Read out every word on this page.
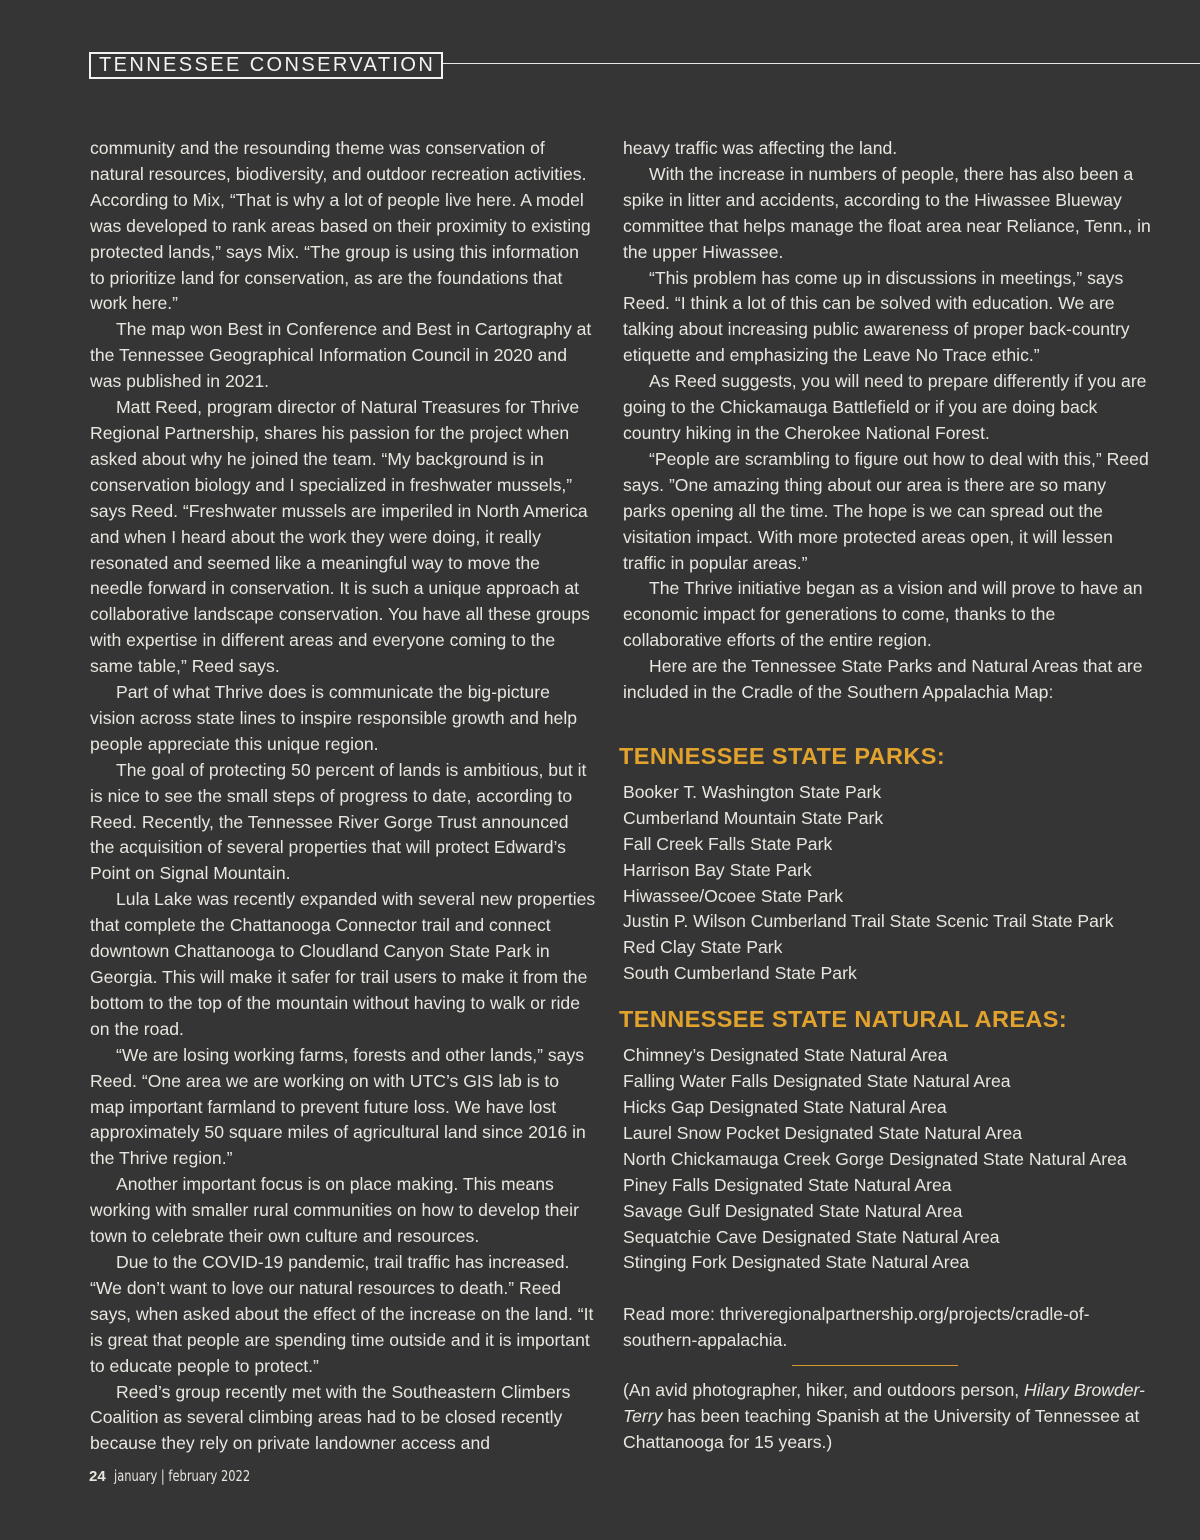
TENNESSEE CONSERVATION

community and the resounding theme was conservation of natural resources, biodiversity, and outdoor recreation activities. According to Mix, “That is why a lot of people live here. A model was developed to rank areas based on their proximity to existing protected lands,” says Mix. “The group is using this information to prioritize land for conservation, as are the foundations that work here.”

The map won Best in Conference and Best in Cartography at the Tennessee Geographical Information Council in 2020 and was published in 2021.

Matt Reed, program director of Natural Treasures for Thrive Regional Partnership, shares his passion for the project when asked about why he joined the team. “My background is in conservation biology and I specialized in freshwater mussels,” says Reed. “Freshwater mussels are imperiled in North America and when I heard about the work they were doing, it really resonated and seemed like a meaningful way to move the needle forward in conservation. It is such a unique approach at collaborative landscape conservation. You have all these groups with expertise in different areas and everyone coming to the same table,” Reed says.

Part of what Thrive does is communicate the big-picture vision across state lines to inspire responsible growth and help people appreciate this unique region.

The goal of protecting 50 percent of lands is ambitious, but it is nice to see the small steps of progress to date, according to Reed. Recently, the Tennessee River Gorge Trust announced the acquisition of several properties that will protect Edward’s Point on Signal Mountain.

Lula Lake was recently expanded with several new properties that complete the Chattanooga Connector trail and connect downtown Chattanooga to Cloudland Canyon State Park in Georgia. This will make it safer for trail users to make it from the bottom to the top of the mountain without having to walk or ride on the road.

“We are losing working farms, forests and other lands,” says Reed. “One area we are working on with UTC’s GIS lab is to map important farmland to prevent future loss. We have lost approximately 50 square miles of agricultural land since 2016 in the Thrive region.”

Another important focus is on place making. This means working with smaller rural communities on how to develop their town to celebrate their own culture and resources.

Due to the COVID-19 pandemic, trail traffic has increased. “We don’t want to love our natural resources to death.” Reed says, when asked about the effect of the increase on the land. “It is great that people are spending time outside and it is important to educate people to protect.”

Reed’s group recently met with the Southeastern Climbers Coalition as several climbing areas had to be closed recently because they rely on private landowner access and

heavy traffic was affecting the land.

With the increase in numbers of people, there has also been a spike in litter and accidents, according to the Hiwassee Blueway committee that helps manage the float area near Reliance, Tenn., in the upper Hiwassee.

“This problem has come up in discussions in meetings,” says Reed. “I think a lot of this can be solved with education. We are talking about increasing public awareness of proper back-country etiquette and emphasizing the Leave No Trace ethic.”

As Reed suggests, you will need to prepare differently if you are going to the Chickamauga Battlefield or if you are doing back country hiking in the Cherokee National Forest.

“People are scrambling to figure out how to deal with this,” Reed says. ”One amazing thing about our area is there are so many parks opening all the time. The hope is we can spread out the visitation impact. With more protected areas open, it will lessen traffic in popular areas.”

The Thrive initiative began as a vision and will prove to have an economic impact for generations to come, thanks to the collaborative efforts of the entire region.

Here are the Tennessee State Parks and Natural Areas that are included in the Cradle of the Southern Appalachia Map:

TENNESSEE STATE PARKS:
Booker T. Washington State Park
Cumberland Mountain State Park
Fall Creek Falls State Park
Harrison Bay State Park
Hiwassee/Ocoee State Park
Justin P. Wilson Cumberland Trail State Scenic Trail State Park
Red Clay State Park
South Cumberland State Park
TENNESSEE STATE NATURAL AREAS:
Chimney’s Designated State Natural Area
Falling Water Falls Designated State Natural Area
Hicks Gap Designated State Natural Area
Laurel Snow Pocket Designated State Natural Area
North Chickamauga Creek Gorge Designated State Natural Area
Piney Falls Designated State Natural Area
Savage Gulf Designated State Natural Area
Sequatchie Cave Designated State Natural Area
Stinging Fork Designated State Natural Area

Read more: thriveregionalpartnership.org/projects/cradle-of-southern-appalachia.

(An avid photographer, hiker, and outdoors person, Hilary Browder-Terry has been teaching Spanish at the University of Tennessee at Chattanooga for 15 years.)

24 january | february 2022
